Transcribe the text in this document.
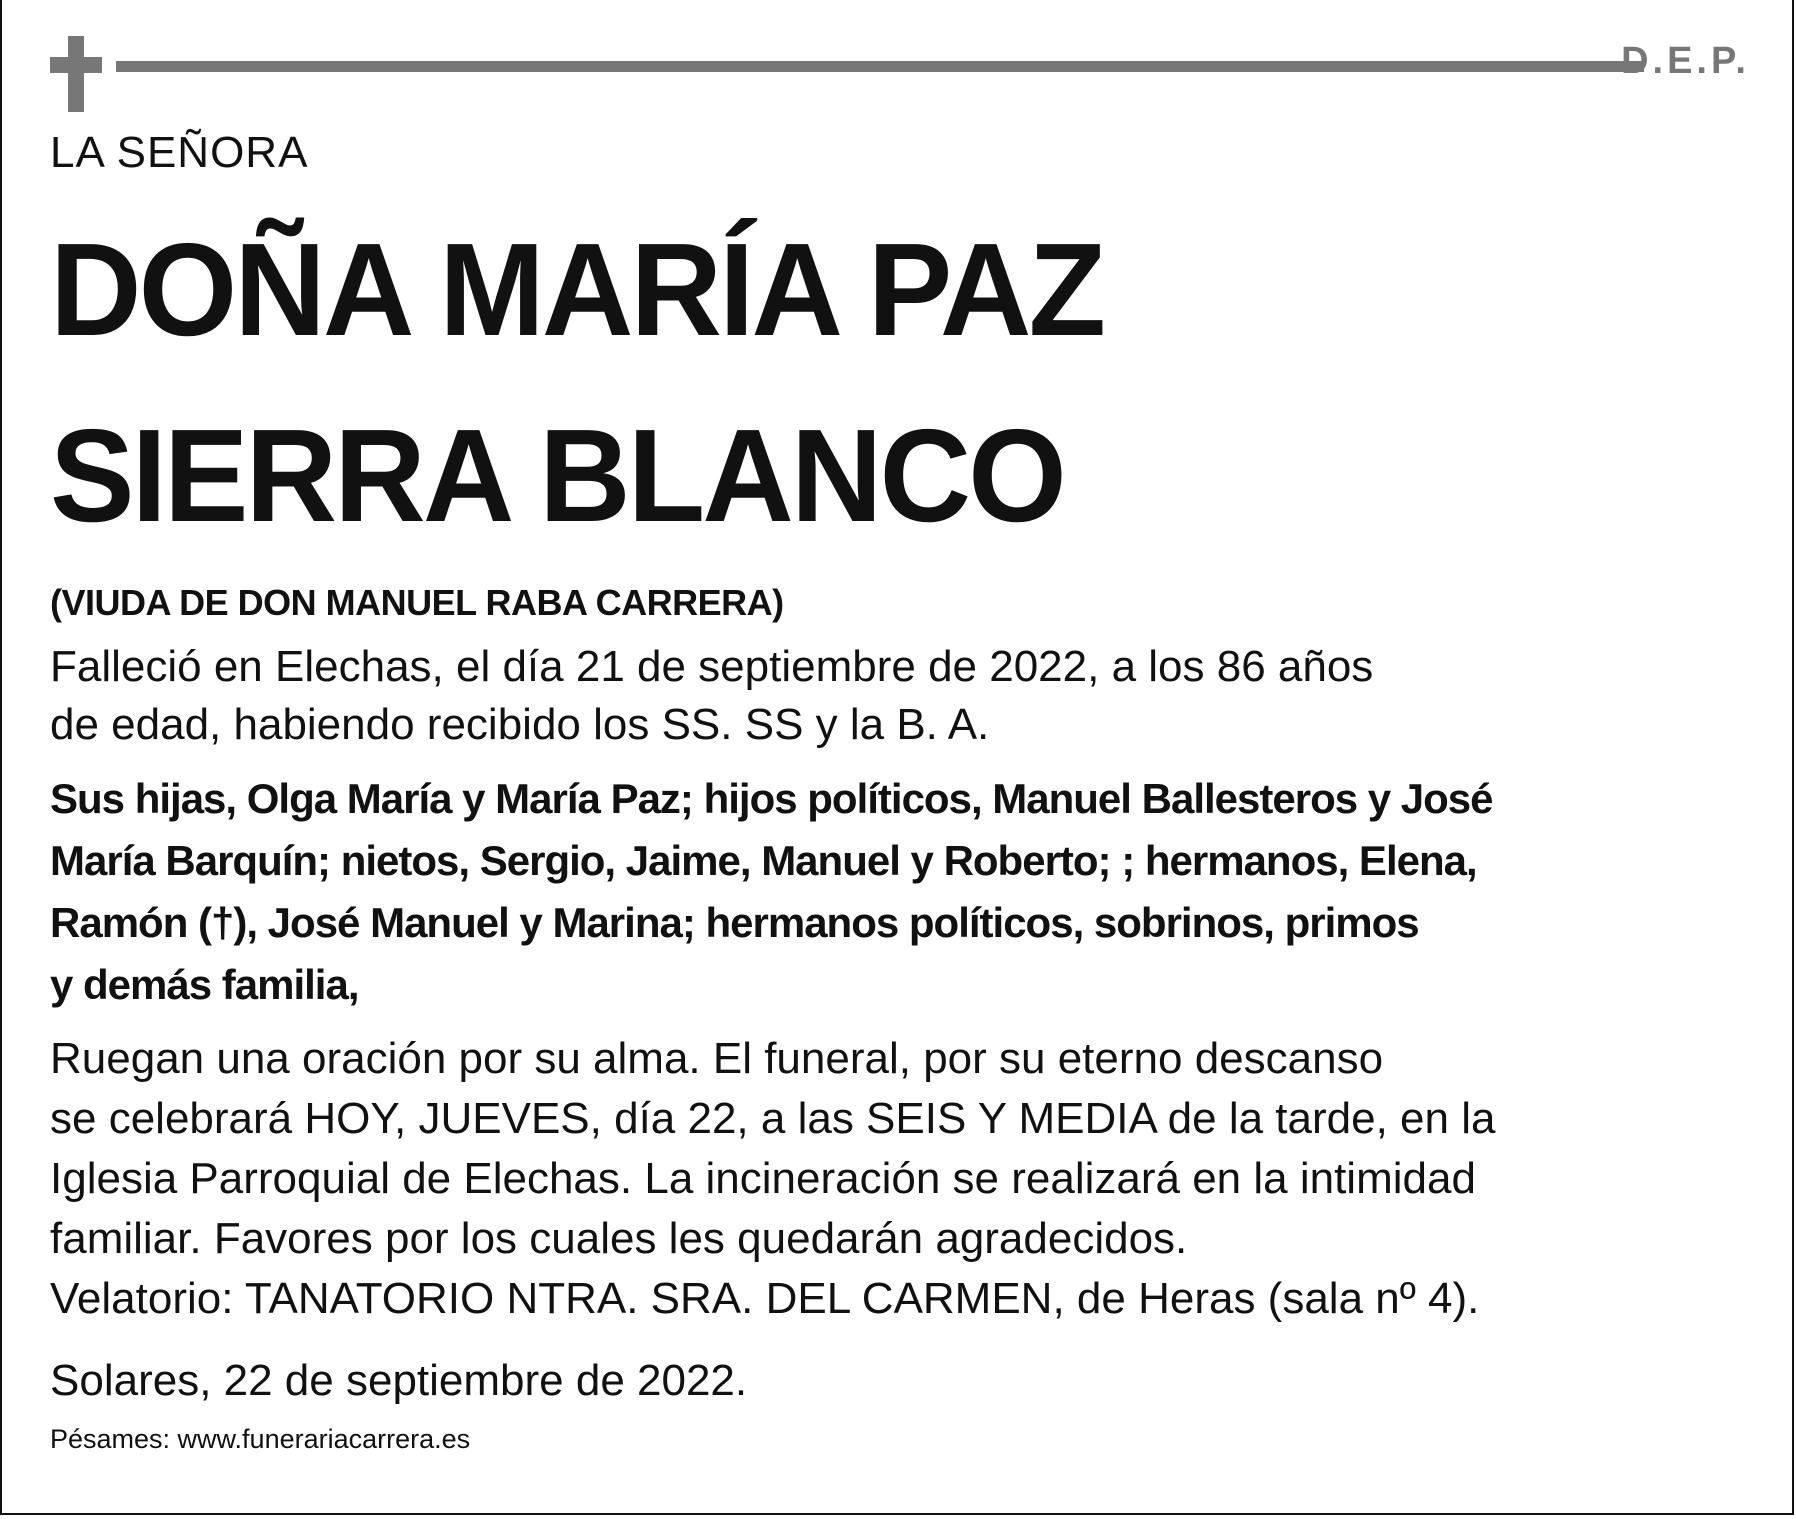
D.E.P.
LA SEÑORA
DOÑA MARÍA PAZ
SIERRA BLANCO
(VIUDA DE DON MANUEL RABA CARRERA)
Falleció en Elechas, el día 21 de septiembre de 2022, a los 86 años
de edad, habiendo recibido los SS. SS y la B. A.
Sus hijas, Olga María y María Paz; hijos políticos, Manuel Ballesteros y José
María Barquín; nietos, Sergio, Jaime, Manuel y Roberto; ; hermanos, Elena,
Ramón (†), José Manuel y Marina; hermanos políticos, sobrinos, primos
y demás familia,
Ruegan una oración por su alma. El funeral, por su eterno descanso
se celebrará HOY, JUEVES, día 22, a las SEIS Y MEDIA de la tarde, en la
Iglesia Parroquial de Elechas. La incineración se realizará en la intimidad
familiar. Favores por los cuales les quedarán agradecidos.
Velatorio: TANATORIO NTRA. SRA. DEL CARMEN, de Heras (sala nº 4).
Solares, 22 de septiembre de 2022.
Pésames: www.funerariacarrera.es
